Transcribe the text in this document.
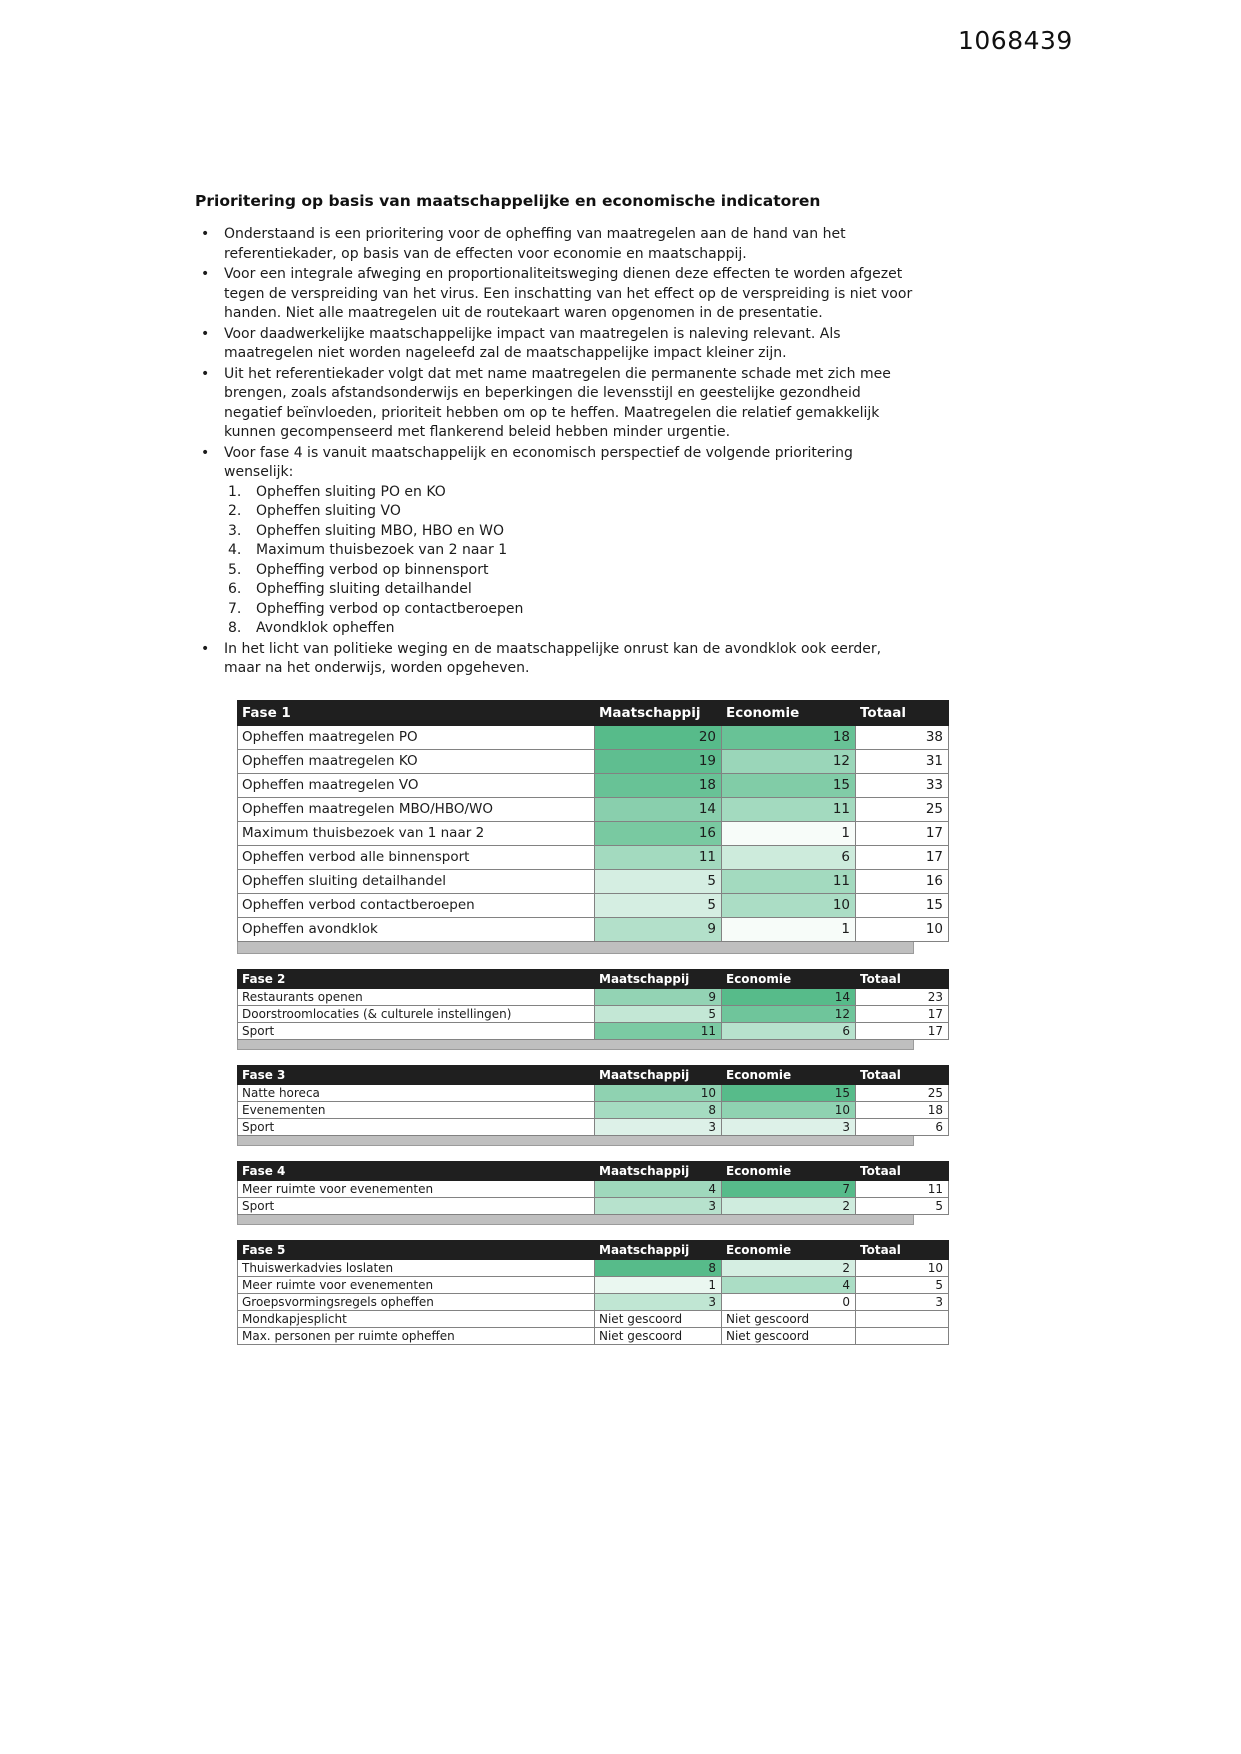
1068439
Prioritering op basis van maatschappelijke en economische indicatoren
• Onderstaand is een prioritering voor de opheffing van maatregelen aan de hand van het referentiekader, op basis van de effecten voor economie en maatschappij.
• Voor een integrale afweging en proportionaliteitsweging dienen deze effecten te worden afgezet tegen de verspreiding van het virus. Een inschatting van het effect op de verspreiding is niet voor handen. Niet alle maatregelen uit de routekaart waren opgenomen in de presentatie.
• Voor daadwerkelijke maatschappelijke impact van maatregelen is naleving relevant. Als maatregelen niet worden nageleefd zal de maatschappelijke impact kleiner zijn.
• Uit het referentiekader volgt dat met name maatregelen die permanente schade met zich mee brengen, zoals afstandsonderwijs en beperkingen die levensstijl en geestelijke gezondheid negatief beïnvloeden, prioriteit hebben om op te heffen. Maatregelen die relatief gemakkelijk kunnen gecompenseerd met flankerend beleid hebben minder urgentie.
• Voor fase 4 is vanuit maatschappelijk en economisch perspectief de volgende prioritering wenselijk:
Opheffen sluiting PO en KO
Opheffen sluiting VO
Opheffen sluiting MBO, HBO en WO
Maximum thuisbezoek van 2 naar 1
Opheffing verbod op binnensport
Opheffing sluiting detailhandel
Opheffing verbod op contactberoepen
Avondklok opheffen
• In het licht van politieke weging en de maatschappelijke onrust kan de avondklok ook eerder, maar na het onderwijs, worden opgeheven.
Fase 1	Maatschappij	Economie	Totaal
Opheffen maatregelen PO	20	18	38
Opheffen maatregelen KO	19	12	31
Opheffen maatregelen VO	18	15	33
Opheffen maatregelen MBO/HBO/WO	14	11	25
Maximum thuisbezoek van 1 naar 2	16	1	17
Opheffen verbod alle binnensport	11	6	17
Opheffen sluiting detailhandel	5	11	16
Opheffen verbod contactberoepen	5	10	15
Opheffen avondklok	9	1	10
Fase 2	Maatschappij	Economie	Totaal
Restaurants openen	9	14	23
Doorstroomlocaties (& culturele instellingen)	5	12	17
Sport	11	6	17
Fase 3	Maatschappij	Economie	Totaal
Natte horeca	10	15	25
Evenementen	8	10	18
Sport	3	3	6
Fase 4	Maatschappij	Economie	Totaal
Meer ruimte voor evenementen	4	7	11
Sport	3	2	5
Fase 5	Maatschappij	Economie	Totaal
Thuiswerkadvies loslaten	8	2	10
Meer ruimte voor evenementen	1	4	5
Groepsvormingsregels opheffen	3	0	3
Mondkapjesplicht	Niet gescoord	Niet gescoord	
Max. personen per ruimte opheffen	Niet gescoord	Niet gescoord	
